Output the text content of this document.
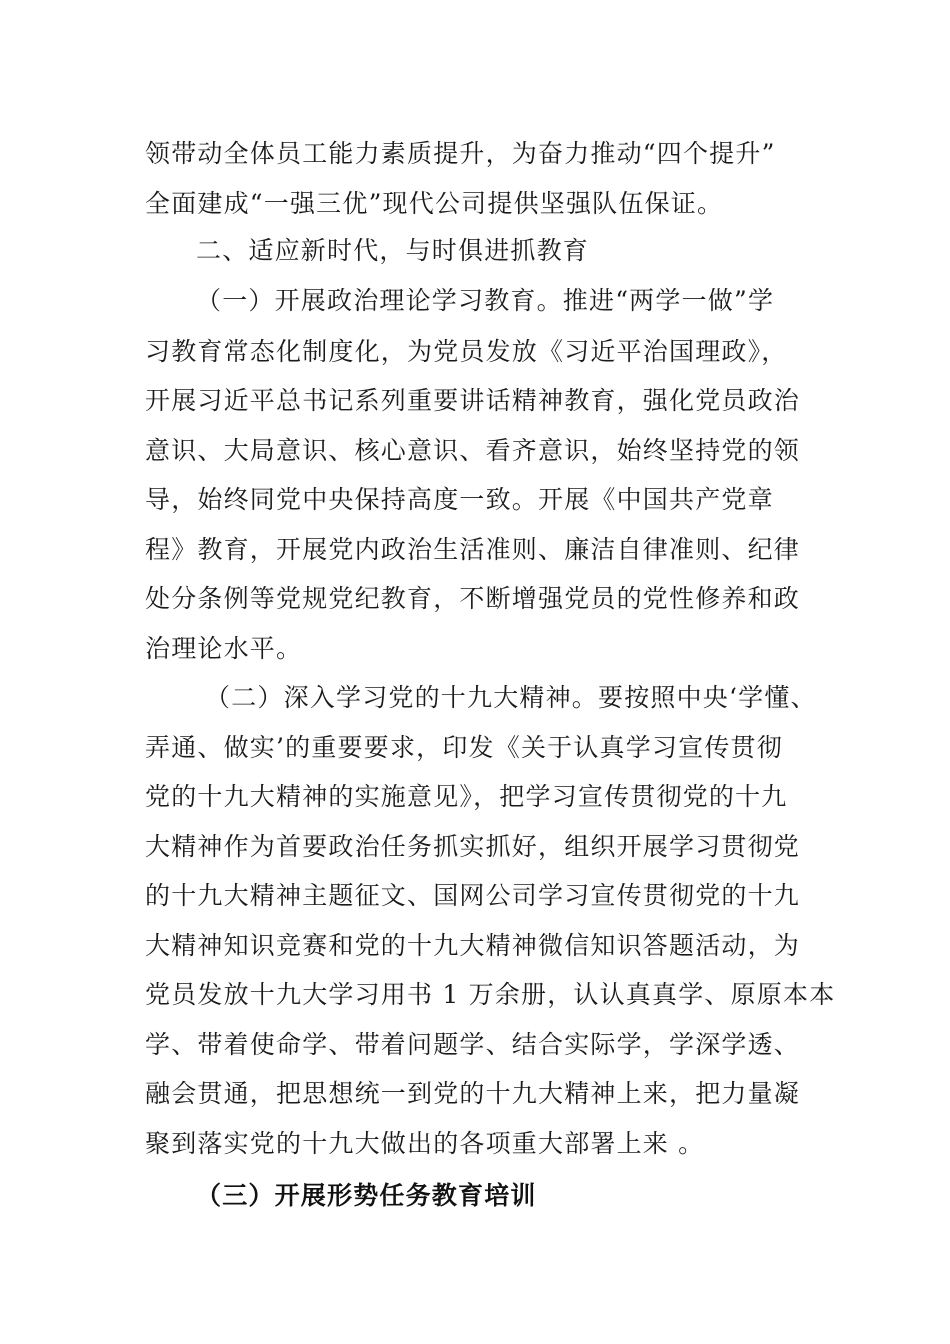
领带动全体员工能力素质提升，为奋力推动“四个提升”

全面建成“一强三优”现代公司提供坚强队伍保证。

二、适应新时代，与时俱进抓教育

（一）开展政治理论学习教育。推进“两学一做”学

习教育常态化制度化，为党员发放《习近平治国理政》，

开展习近平总书记系列重要讲话精神教育，强化党员政治

意识、大局意识、核心意识、看齐意识，始终坚持党的领

导，始终同党中央保持高度一致。开展《中国共产党章

程》教育，开展党内政治生活准则、廉洁自律准则、纪律

处分条例等党规党纪教育，不断增强党员的党性修养和政

治理论水平。

（二）深入学习党的十九大精神。要按照中央‘学懂、

弄通、做实’的重要要求，印发《关于认真学习宣传贯彻

党的十九大精神的实施意见》，把学习宣传贯彻党的十九

大精神作为首要政治任务抓实抓好，组织开展学习贯彻党

的十九大精神主题征文、国网公司学习宣传贯彻党的十九

大精神知识竞赛和党的十九大精神微信知识答题活动，为

党员发放十九大学习用书 1 万余册，认认真真学、原原本本

学、带着使命学、带着问题学、结合实际学，学深学透、

融会贯通，把思想统一到党的十九大精神上来，把力量凝

聚到落实党的十九大做出的各项重大部署上来 。

（三）开展形势任务教育培训
